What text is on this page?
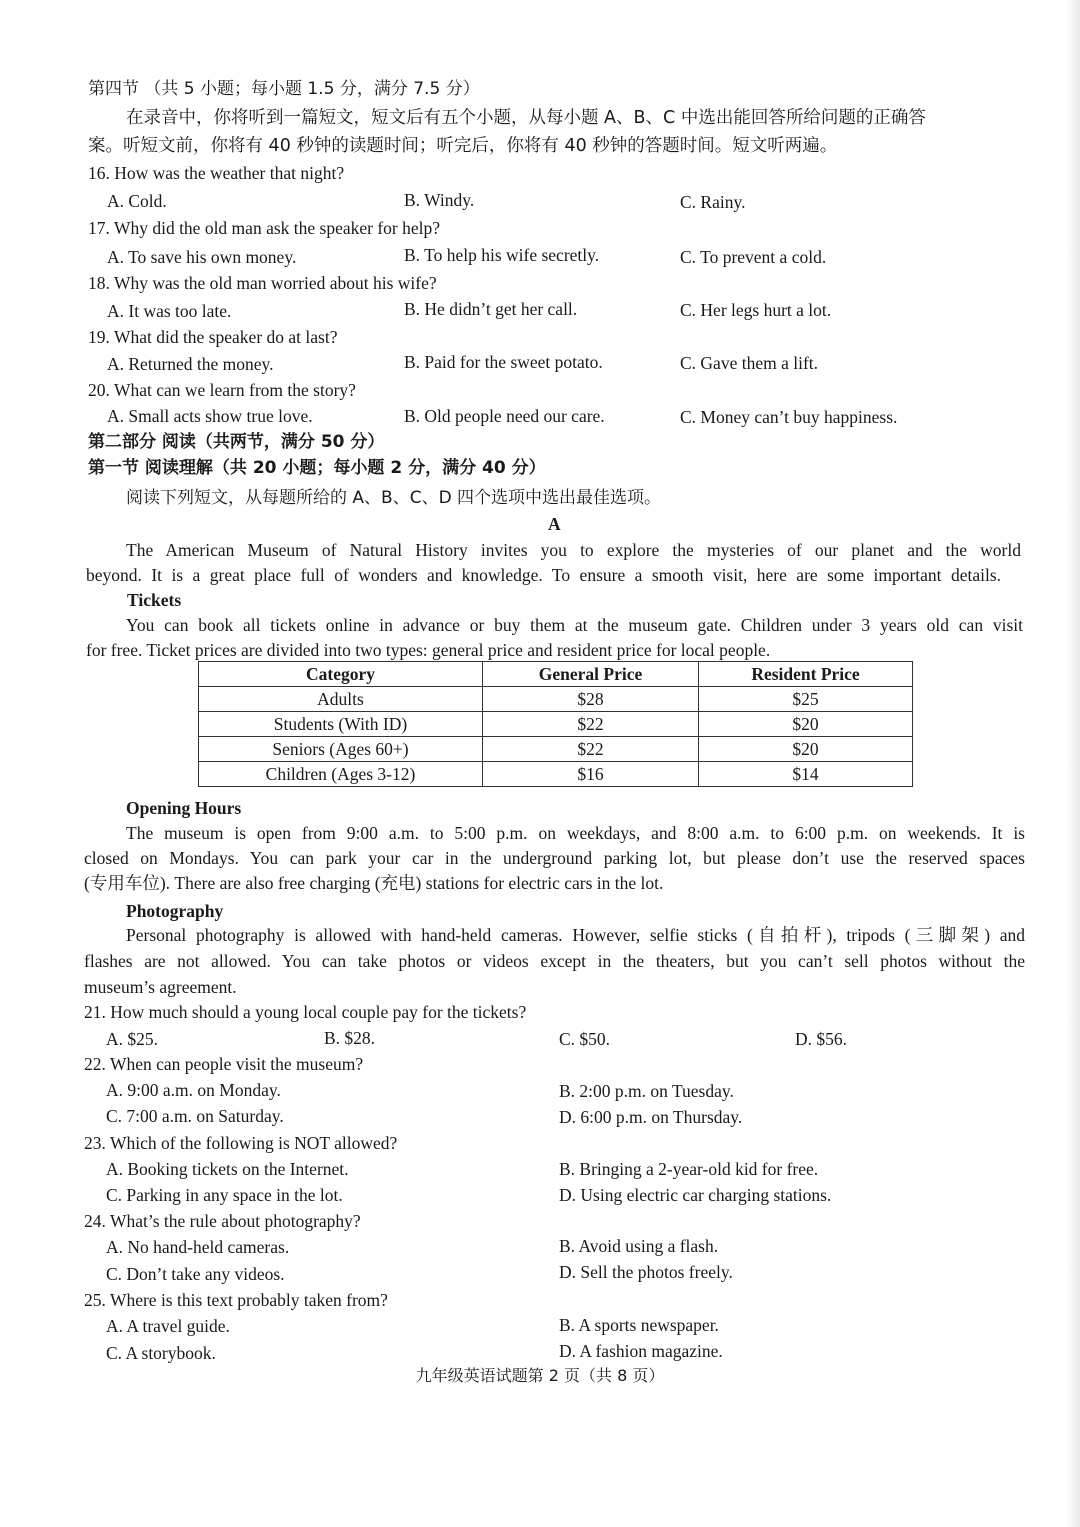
第四节 （共 5 小题；每小题 1.5 分，满分 7.5 分）
在录音中，你将听到一篇短文，短文后有五个小题，从每小题 A、B、C 中选出能回答所给问题的正确答
案。听短文前，你将有 40 秒钟的读题时间；听完后，你将有 40 秒钟的答题时间。短文听两遍。
16. How was the weather that night?
A. Cold.	B. Windy.	C. Rainy.
17. Why did the old man ask the speaker for help?
A. To save his own money.	B. To help his wife secretly.	C. To prevent a cold.
18. Why was the old man worried about his wife?
A. It was too late.	B. He didn’t get her call.	C. Her legs hurt a lot.
19. What did the speaker do at last?
A. Returned the money.	B. Paid for the sweet potato.	C. Gave them a lift.
20. What can we learn from the story?
A. Small acts show true love.	B. Old people need our care.	C. Money can’t buy happiness.
第二部分 阅读（共两节，满分 50 分）
第一节 阅读理解（共 20 小题；每小题 2 分，满分 40 分）
阅读下列短文，从每题所给的 A、B、C、D 四个选项中选出最佳选项。
A
The American Museum of Natural History invites you to explore the mysteries of our planet and the world
beyond. It is a great place full of wonders and knowledge. To ensure a smooth visit, here are some important details.
Tickets
You can book all tickets online in advance or buy them at the museum gate. Children under 3 years old can visit
for free. Ticket prices are divided into two types: general price and resident price for local people.
Category	General Price	Resident Price
Adults	$28	$25
Students (With ID)	$22	$20
Seniors (Ages 60+)	$22	$20
Children (Ages 3-12)	$16	$14
Opening Hours
The museum is open from 9:00 a.m. to 5:00 p.m. on weekdays, and 8:00 a.m. to 6:00 p.m. on weekends. It is
closed on Mondays. You can park your car in the underground parking lot, but please don’t use the reserved spaces
(专用车位). There are also free charging (充电) stations for electric cars in the lot.
Photography
Personal photography is allowed with hand-held cameras. However, selfie sticks (自拍杆), tripods (三脚架) and
flashes are not allowed. You can take photos or videos except in the theaters, but you can’t sell photos without the
museum’s agreement.
21. How much should a young local couple pay for the tickets?
A. $25.	B. $28.	C. $50.	D. $56.
22. When can people visit the museum?
A. 9:00 a.m. on Monday.	B. 2:00 p.m. on Tuesday.
C. 7:00 a.m. on Saturday.	D. 6:00 p.m. on Thursday.
23. Which of the following is NOT allowed?
A. Booking tickets on the Internet.	B. Bringing a 2-year-old kid for free.
C. Parking in any space in the lot.	D. Using electric car charging stations.
24. What’s the rule about photography?
A. No hand-held cameras.	B. Avoid using a flash.
C. Don’t take any videos.	D. Sell the photos freely.
25. Where is this text probably taken from?
A. A travel guide.	B. A sports newspaper.
C. A storybook.	D. A fashion magazine.
九年级英语试题第 2 页（共 8 页）
